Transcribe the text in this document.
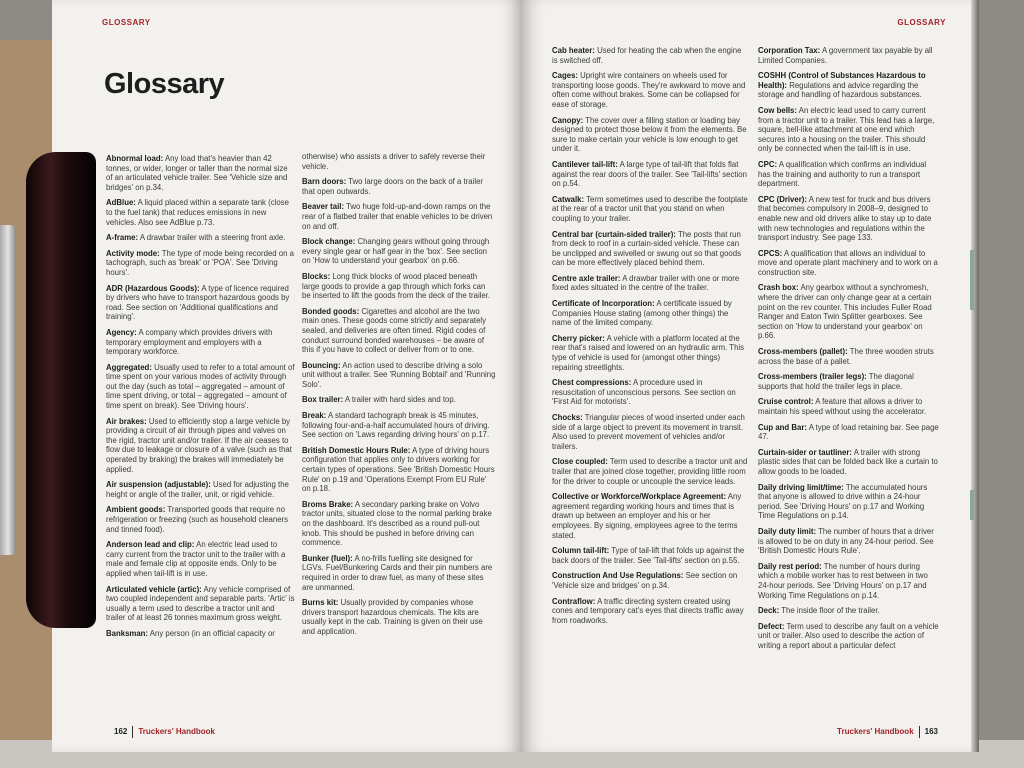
GLOSSARY
Glossary

Abnormal load: Any load that's heavier than 42 tonnes, or wider, longer or taller than the normal size of an articulated vehicle trailer. See 'Vehicle size and bridges' on p.34.

AdBlue: A liquid placed within a separate tank (close to the fuel tank) that reduces emissions in new vehicles. Also see AdBlue p.73.

A-frame: A drawbar trailer with a steering front axle.

Activity mode: The type of mode being recorded on a tachograph, such as 'break' or 'POA'. See 'Driving hours'.

ADR (Hazardous Goods): A type of licence required by drivers who have to transport hazardous goods by road. See section on 'Additional qualifications and training'.

Agency: A company which provides drivers with temporary employment and employers with a temporary workforce.

Aggregated: Usually used to refer to a total amount of time spent on your various modes of activity through out the day (such as total – aggregated – amount of time spent driving, or total – aggregated – amount of time spent on break). See 'Driving hours'.

Air brakes: Used to efficiently stop a large vehicle by providing a circuit of air through pipes and valves on the rigid, tractor unit and/or trailer. If the air ceases to flow due to leakage or closure of a valve (such as that operated by braking) the brakes will immediately be applied.

Air suspension (adjustable): Used for adjusting the height or angle of the trailer, unit, or rigid vehicle.

Ambient goods: Transported goods that require no refrigeration or freezing (such as household cleaners and tinned food).

Anderson lead and clip: An electric lead used to carry current from the tractor unit to the trailer with a male and female clip at opposite ends. Only to be applied when tail-lift is in use.

Articulated vehicle (artic): Any vehicle comprised of two coupled independent and separable parts. 'Artic' is usually a term used to describe a tractor unit and trailer of at least 26 tonnes maximum gross weight.

Banksman: Any person (in an official capacity or

otherwise) who assists a driver to safely reverse their vehicle.

Barn doors: Two large doors on the back of a trailer that open outwards.

Beaver tail: Two huge fold-up-and-down ramps on the rear of a flatbed trailer that enable vehicles to be driven on and off.

Block change: Changing gears without going through every single gear or half gear in the 'box'. See section on 'How to understand your gearbox' on p.66.

Blocks: Long thick blocks of wood placed beneath large goods to provide a gap through which forks can be inserted to lift the goods from the deck of the trailer.

Bonded goods: Cigarettes and alcohol are the two main ones. These goods come strictly and separately sealed, and deliveries are often timed. Rigid codes of conduct surround bonded warehouses – be aware of this if you have to collect or deliver from or to one.

Bouncing: An action used to describe driving a solo unit without a trailer. See 'Running Bobtail' and 'Running Solo'.

Box trailer: A trailer with hard sides and top.

Break: A standard tachograph break is 45 minutes, following four-and-a-half accumulated hours of driving. See section on 'Laws regarding driving hours' on p.17.

British Domestic Hours Rule: A type of driving hours configuration that applies only to drivers working for certain types of operations. See 'British Domestic Hours Rule' on p.19 and 'Operations Exempt From EU Rule' on p.18.

Broms Brake: A secondary parking brake on Volvo tractor units, situated close to the normal parking brake on the dashboard. It's described as a round pull-out knob. This should be pushed in before driving can commence.

Bunker (fuel): A no-frills fuelling site designed for LGVs. Fuel/Bunkering Cards and their pin numbers are required in order to draw fuel, as many of these sites are unmanned.

Burns kit: Usually provided by companies whose drivers transport hazardous chemicals. The kits are usually kept in the cab. Training is given on their use and application.

162 Truckers' Handbook
GLOSSARY

Cab heater: Used for heating the cab when the engine is switched off.

Cages: Upright wire containers on wheels used for transporting loose goods. They're awkward to move and often come without brakes. Some can be collapsed for ease of storage.

Canopy: The cover over a filling station or loading bay designed to protect those below it from the elements. Be sure to make certain your vehicle is low enough to get under it.

Cantilever tail-lift: A large type of tail-lift that folds flat against the rear doors of the trailer. See 'Tail-lifts' section on p.54.

Catwalk: Term sometimes used to describe the footplate at the rear of a tractor unit that you stand on when coupling to your trailer.

Central bar (curtain-sided trailer): The posts that run from deck to roof in a curtain-sided vehicle. These can be unclipped and swivelled or swung out so that goods can be more effectively placed behind them.

Centre axle trailer: A drawbar trailer with one or more fixed axles situated in the centre of the trailer.

Certificate of Incorporation: A certificate issued by Companies House stating (among other things) the name of the limited company.

Cherry picker: A vehicle with a platform located at the rear that's raised and lowered on an hydraulic arm. This type of vehicle is used for (amongst other things) repairing streetlights.

Chest compressions: A procedure used in resuscitation of unconscious persons. See section on 'First Aid for motorists'.

Chocks: Triangular pieces of wood inserted under each side of a large object to prevent its movement in transit. Also used to prevent movement of vehicles and/or trailers.

Close coupled: Term used to describe a tractor unit and trailer that are joined close together, providing little room for the driver to couple or uncouple the service leads.

Collective or Workforce/Workplace Agreement: Any agreement regarding working hours and times that is drawn up between an employer and his or her employees. By signing, employees agree to the terms stated.

Column tail-lift: Type of tail-lift that folds up against the back doors of the trailer. See 'Tail-lifts' section on p.55.

Construction And Use Regulations: See section on 'Vehicle size and bridges' on p.34.

Contraflow: A traffic directing system created using cones and temporary cat's eyes that directs traffic away from roadworks.

Corporation Tax: A government tax payable by all Limited Companies.

COSHH (Control of Substances Hazardous to Health): Regulations and advice regarding the storage and handling of hazardous substances.

Cow bells: An electric lead used to carry current from a tractor unit to a trailer. This lead has a large, square, bell-like attachment at one end which secures into a housing on the trailer. This should only be connected when the tail-lift is in use.

CPC: A qualification which confirms an individual has the training and authority to run a transport department.

CPC (Driver): A new test for truck and bus drivers that becomes compulsory in 2008–9, designed to enable new and old drivers alike to stay up to date with new technologies and regulations within the transport industry. See page 133.

CPCS: A qualification that allows an individual to move and operate plant machinery and to work on a construction site.

Crash box: Any gearbox without a synchromesh, where the driver can only change gear at a certain point on the rev counter. This includes Fuller Road Ranger and Eaton Twin Splitter gearboxes. See section on 'How to understand your gearbox' on p.66.

Cross-members (pallet): The three wooden struts across the base of a pallet.

Cross-members (trailer legs): The diagonal supports that hold the trailer legs in place.

Cruise control: A feature that allows a driver to maintain his speed without using the accelerator.

Cup and Bar: A type of load retaining bar. See page 47.

Curtain-sider or tautliner: A trailer with strong plastic sides that can be folded back like a curtain to allow goods to be loaded.

Daily driving limit/time: The accumulated hours that anyone is allowed to drive within a 24-hour period. See 'Driving Hours' on p.17 and Working Time Regulations on p.14.

Daily duty limit: The number of hours that a driver is allowed to be on duty in any 24-hour period. See 'British Domestic Hours Rule'.

Daily rest period: The number of hours during which a mobile worker has to rest between in two 24-hour periods. See 'Driving Hours' on p.17 and Working Time Regulations on p.14.

Deck: The inside floor of the trailer.

Defect: Term used to describe any fault on a vehicle unit or trailer. Also used to describe the action of writing a report about a particular defect

Truckers' Handbook 163
